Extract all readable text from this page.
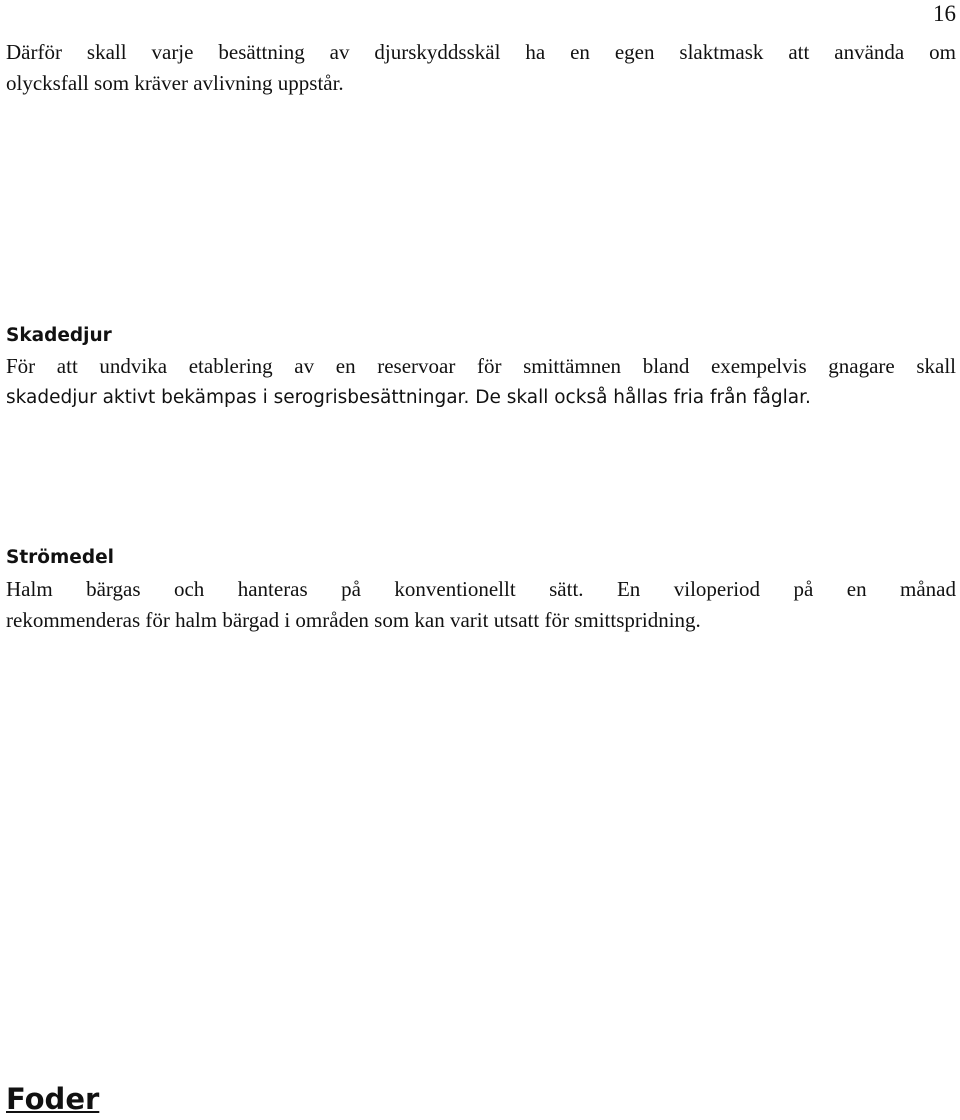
16
Därför skall varje besättning av djurskyddsskäl ha en egen slaktmask att använda om
olycksfall som kräver avlivning uppstår.
Skadedjur
För att undvika etablering av en reservoar för smittämnen bland exempelvis gnagare skall
skadedjur aktivt bekämpas i serogrisbesättningar. De skall också hållas fria från fåglar.
Strömedel
Halm bärgas och hanteras på konventionellt sätt. En viloperiod på en månad
rekommenderas för halm bärgad i områden som kan varit utsatt för smittspridning.
Foder
